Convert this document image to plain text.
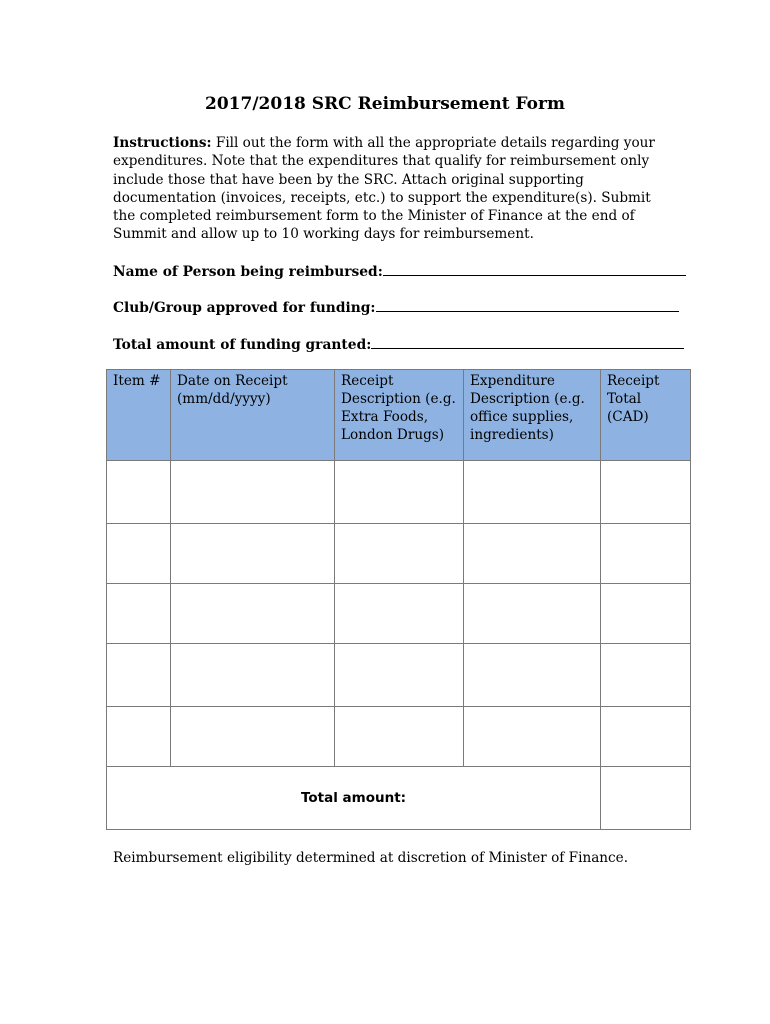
2017/2018 SRC Reimbursement Form

Instructions: Fill out the form with all the appropriate details regarding your expenditures. Note that the expenditures that qualify for reimbursement only include those that have been by the SRC. Attach original supporting documentation (invoices, receipts, etc.) to support the expenditure(s). Submit the completed reimbursement form to the Minister of Finance at the end of Summit and allow up to 10 working days for reimbursement.

Name of Person being reimbursed:
Club/Group approved for funding:
Total amount of funding granted:
Item #	Date on Receipt (mm/dd/yyyy)	Receipt Description (e.g. Extra Foods, London Drugs)	Expenditure Description (e.g. office supplies, ingredients)	Receipt Total (CAD)

Total amount:				

Reimbursement eligibility determined at discretion of Minister of Finance.
